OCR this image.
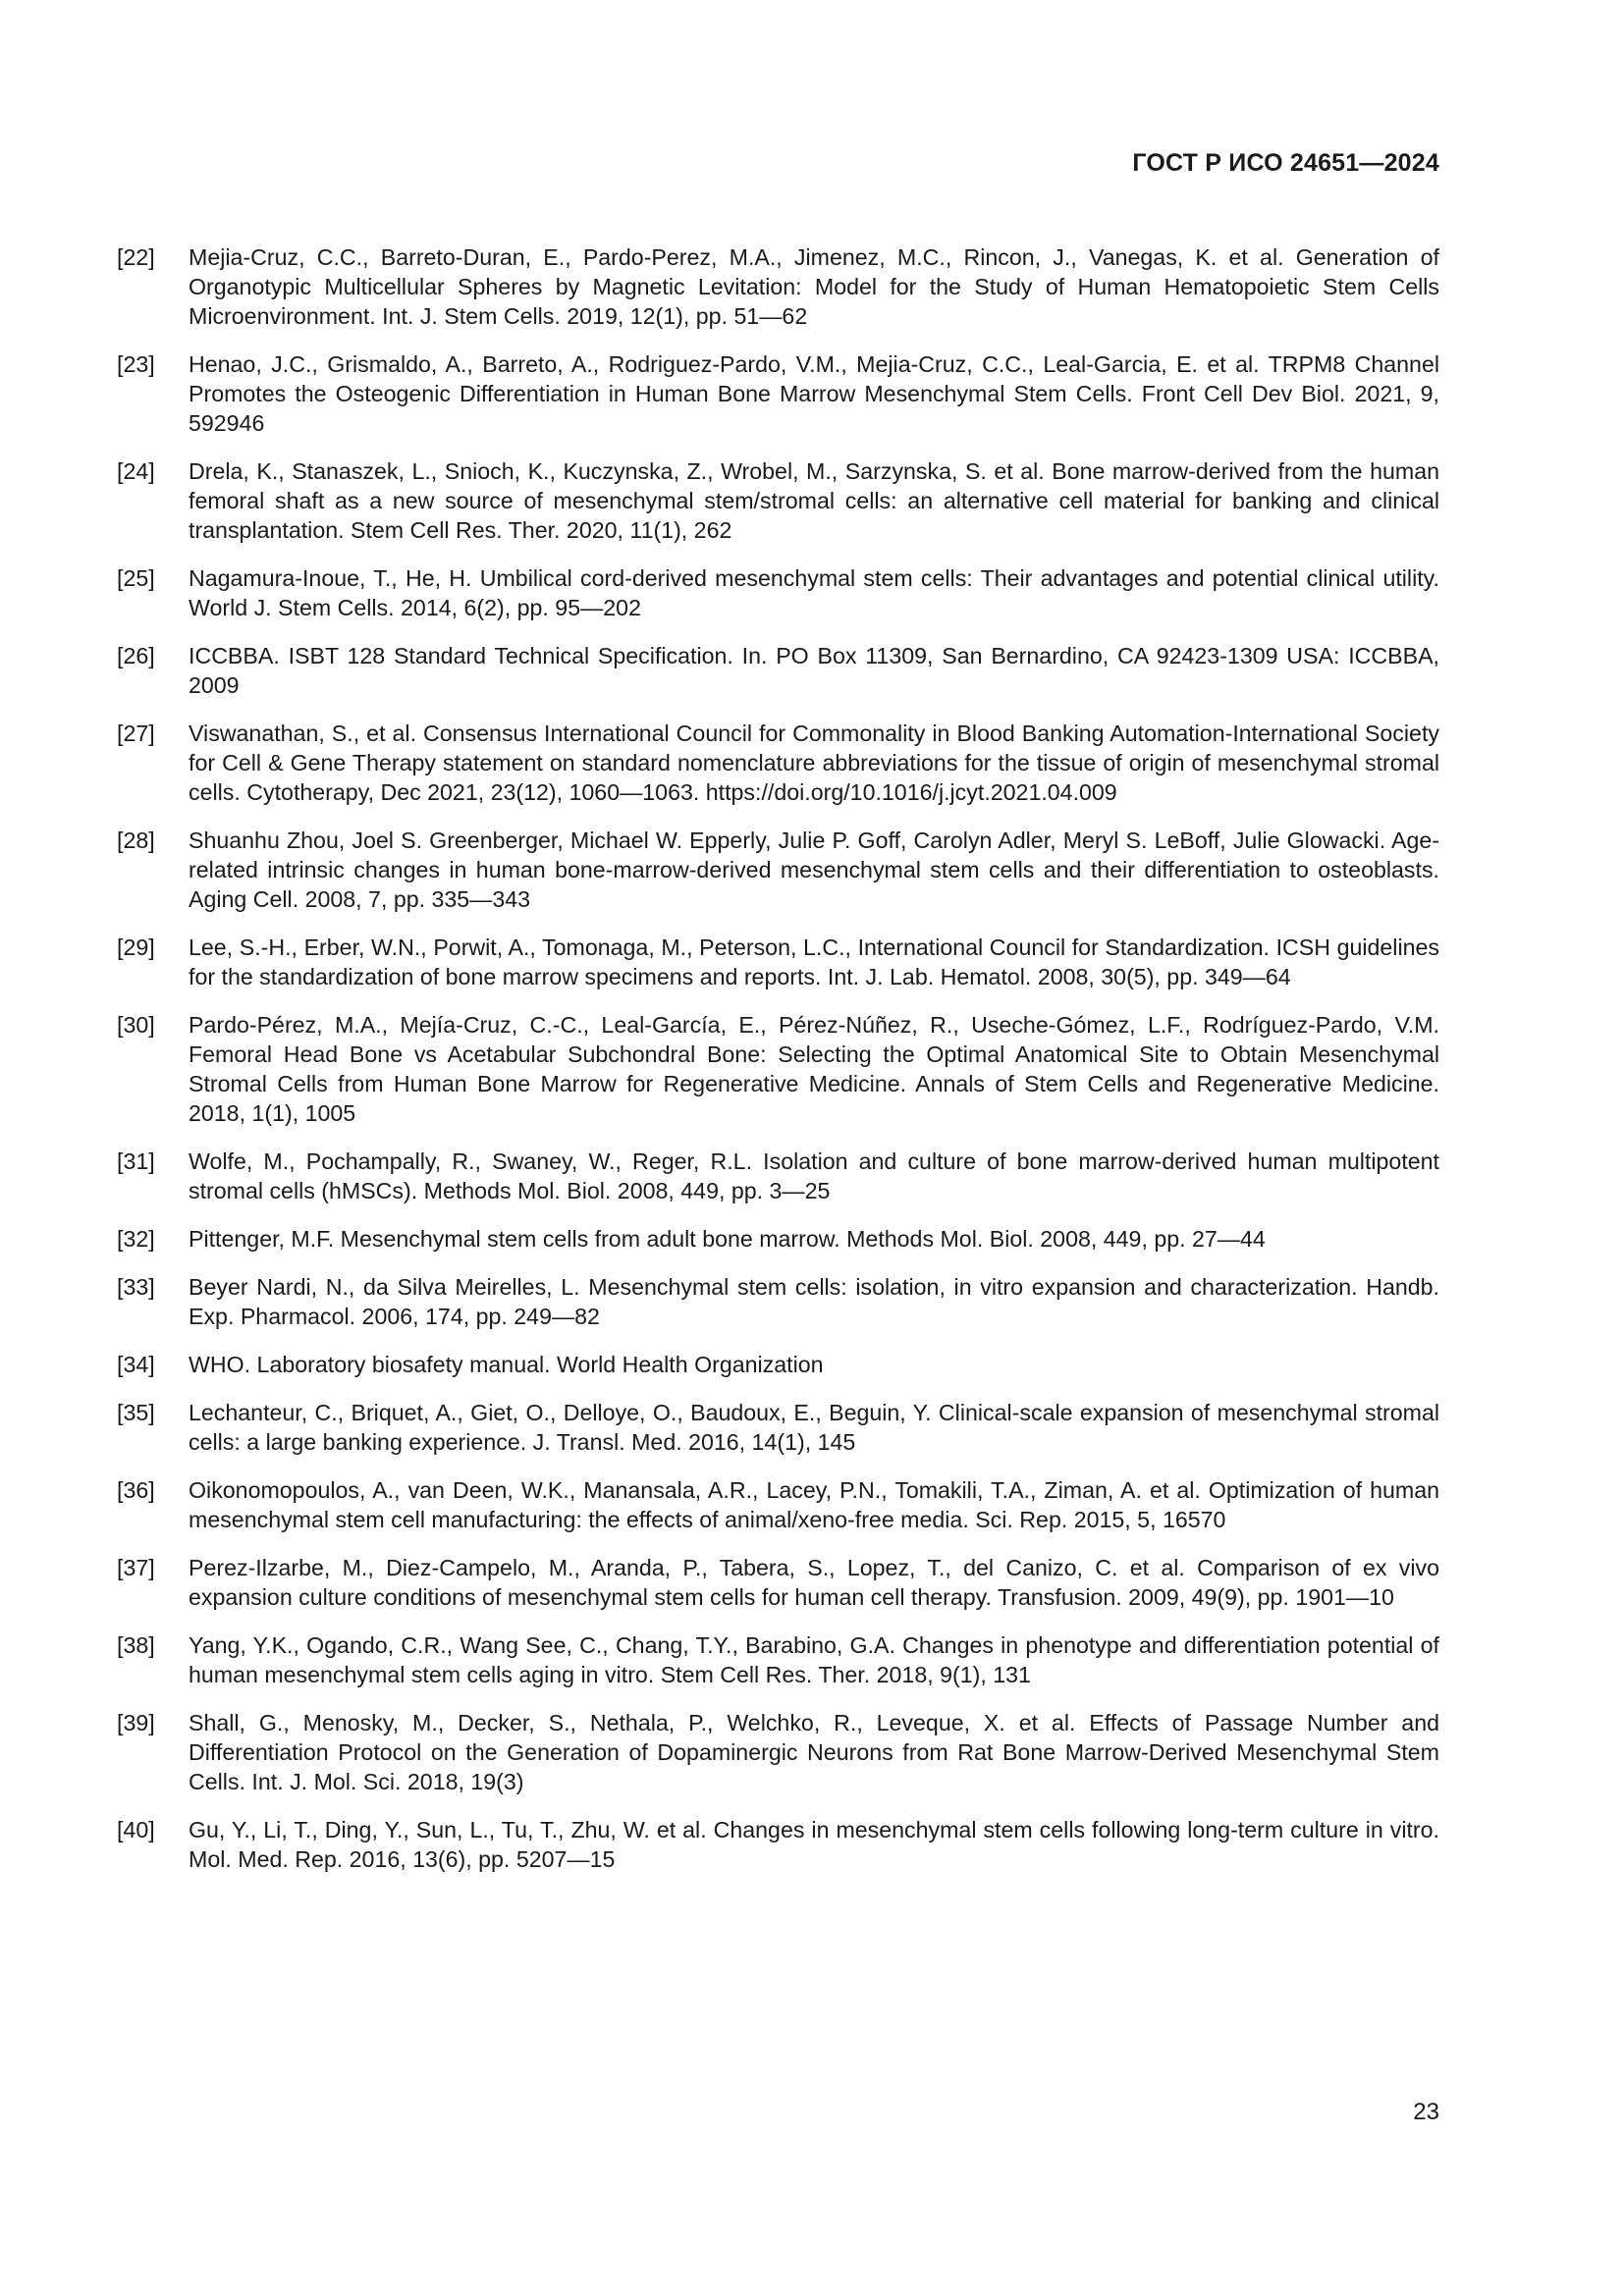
ГОСТ Р ИСО 24651—2024
[22]	Mejia-Cruz, C.C., Barreto-Duran, E., Pardo-Perez, M.A., Jimenez, M.C., Rincon, J., Vanegas, K. et al. Generation of Organotypic Multicellular Spheres by Magnetic Levitation: Model for the Study of Human Hematopoietic Stem Cells Microenvironment. Int. J. Stem Cells. 2019, 12(1), pp. 51—62
[23]	Henao, J.C., Grismaldo, A., Barreto, A., Rodriguez-Pardo, V.M., Mejia-Cruz, C.C., Leal-Garcia, E. et al. TRPM8 Channel Promotes the Osteogenic Differentiation in Human Bone Marrow Mesenchymal Stem Cells. Front Cell Dev Biol. 2021, 9, 592946
[24]	Drela, K., Stanaszek, L., Snioch, K., Kuczynska, Z., Wrobel, M., Sarzynska, S. et al. Bone marrow-derived from the human femoral shaft as a new source of mesenchymal stem/stromal cells: an alternative cell material for banking and clinical transplantation. Stem Cell Res. Ther. 2020, 11(1), 262
[25]	Nagamura-Inoue, T., He, H. Umbilical cord-derived mesenchymal stem cells: Their advantages and potential clinical utility. World J. Stem Cells. 2014, 6(2), pp. 95—202
[26]	ICCBBA. ISBT 128 Standard Technical Specification. In. PO Box 11309, San Bernardino, CA 92423-1309 USA: ICCBBA, 2009
[27]	Viswanathan, S., et al. Consensus International Council for Commonality in Blood Banking Automation-International Society for Cell & Gene Therapy statement on standard nomenclature abbreviations for the tissue of origin of mesenchymal stromal cells. Cytotherapy, Dec 2021, 23(12), 1060—1063. https://doi.org/10.1016/j.jcyt.2021.04.009
[28]	Shuanhu Zhou, Joel S. Greenberger, Michael W. Epperly, Julie P. Goff, Carolyn Adler, Meryl S. LeBoff, Julie Glowacki. Age-related intrinsic changes in human bone-marrow-derived mesenchymal stem cells and their differentiation to osteoblasts. Aging Cell. 2008, 7, pp. 335—343
[29]	Lee, S.-H., Erber, W.N., Porwit, A., Tomonaga, M., Peterson, L.C., International Council for Standardization. ICSH guidelines for the standardization of bone marrow specimens and reports. Int. J. Lab. Hematol. 2008, 30(5), pp. 349—64
[30]	Pardo-Pérez, M.A., Mejía-Cruz, C.-C., Leal-García, E., Pérez-Núñez, R., Useche-Gómez, L.F., Rodríguez-Pardo, V.M. Femoral Head Bone vs Acetabular Subchondral Bone: Selecting the Optimal Anatomical Site to Obtain Mesenchymal Stromal Cells from Human Bone Marrow for Regenerative Medicine. Annals of Stem Cells and Regenerative Medicine. 2018, 1(1), 1005
[31]	Wolfe, M., Pochampally, R., Swaney, W., Reger, R.L. Isolation and culture of bone marrow-derived human multipotent stromal cells (hMSCs). Methods Mol. Biol. 2008, 449, pp. 3—25
[32]	Pittenger, M.F. Mesenchymal stem cells from adult bone marrow. Methods Mol. Biol. 2008, 449, pp. 27—44
[33]	Beyer Nardi, N., da Silva Meirelles, L. Mesenchymal stem cells: isolation, in vitro expansion and characterization. Handb. Exp. Pharmacol. 2006, 174, pp. 249—82
[34]	WHO. Laboratory biosafety manual. World Health Organization
[35]	Lechanteur, C., Briquet, A., Giet, O., Delloye, O., Baudoux, E., Beguin, Y. Clinical-scale expansion of mesenchymal stromal cells: a large banking experience. J. Transl. Med. 2016, 14(1), 145
[36]	Oikonomopoulos, A., van Deen, W.K., Manansala, A.R., Lacey, P.N., Tomakili, T.A., Ziman, A. et al. Optimization of human mesenchymal stem cell manufacturing: the effects of animal/xeno-free media. Sci. Rep. 2015, 5, 16570
[37]	Perez-Ilzarbe, M., Diez-Campelo, M., Aranda, P., Tabera, S., Lopez, T., del Canizo, C. et al. Comparison of ex vivo expansion culture conditions of mesenchymal stem cells for human cell therapy. Transfusion. 2009, 49(9), pp. 1901—10
[38]	Yang, Y.K., Ogando, C.R., Wang See, C., Chang, T.Y., Barabino, G.A. Changes in phenotype and differentiation potential of human mesenchymal stem cells aging in vitro. Stem Cell Res. Ther. 2018, 9(1), 131
[39]	Shall, G., Menosky, M., Decker, S., Nethala, P., Welchko, R., Leveque, X. et al. Effects of Passage Number and Differentiation Protocol on the Generation of Dopaminergic Neurons from Rat Bone Marrow-Derived Mesenchymal Stem Cells. Int. J. Mol. Sci. 2018, 19(3)
[40]	Gu, Y., Li, T., Ding, Y., Sun, L., Tu, T., Zhu, W. et al. Changes in mesenchymal stem cells following long-term culture in vitro. Mol. Med. Rep. 2016, 13(6), pp. 5207—15
23
